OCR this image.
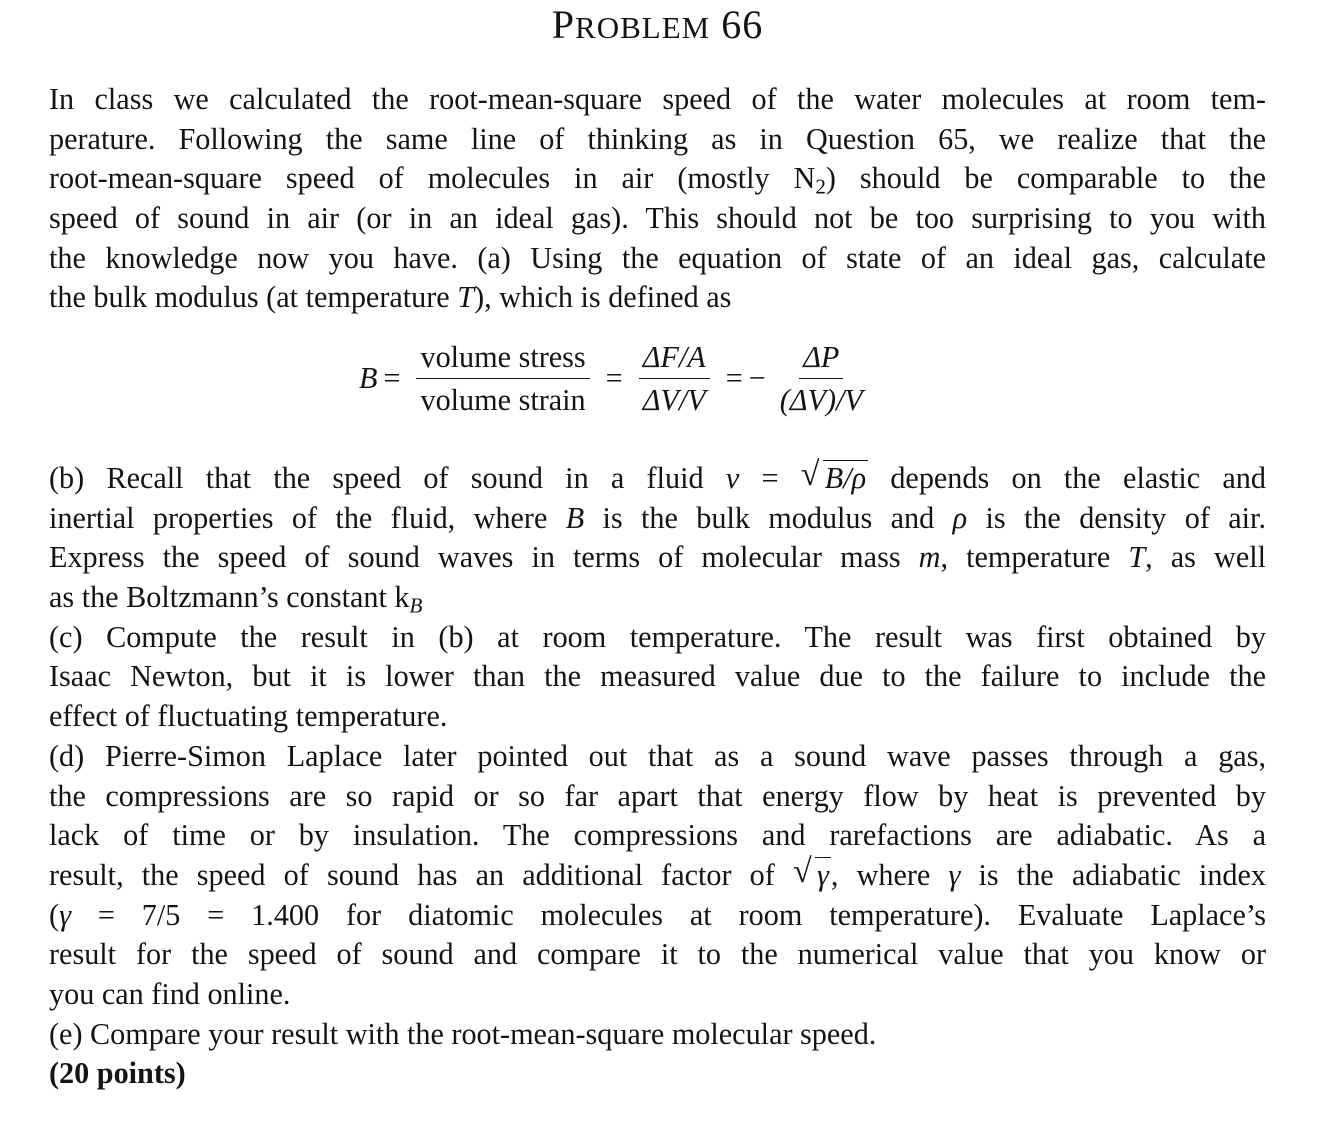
PROBLEM 66
In class we calculated the root-mean-square speed of the water molecules at room tem-
perature. Following the same line of thinking as in Question 65, we realize that the
root-mean-square speed of molecules in air (mostly $N_2$) should be comparable to the
speed of sound in air (or in an ideal gas). This should not be too surprising to you with
the knowledge now you have. (a) Using the equation of state of an ideal gas, calculate
the bulk modulus (at temperature T), which is defined as
$B = \frac{\text{volume stress}}{\text{volume strain}} = \frac{\Delta F/A}{\Delta V/V}$ = − $\frac{\Delta P}{(\Delta V)/V}$
(b) Recall that the speed of sound in a fluid v = √ B/ρ depends on the elastic and
inertial properties of the fluid, where B is the bulk modulus and ρ is the density of air.
Express the speed of sound waves in terms of molecular mass m, temperature T, as well
as the Boltzmann’s constant $k_B$
(c) Compute the result in (b) at room temperature. The result was first obtained by
Isaac Newton, but it is lower than the measured value due to the failure to include the
effect of fluctuating temperature.
(d) Pierre-Simon Laplace later pointed out that as a sound wave passes through a gas,
the compressions are so rapid or so far apart that energy flow by heat is prevented by
lack of time or by insulation. The compressions and rarefactions are adiabatic. As a
result, the speed of sound has an additional factor of √ γ, where γ is the adiabatic index
(γ = 7/5 = 1.400 for diatomic molecules at room temperature). Evaluate Laplace’s
result for the speed of sound and compare it to the numerical value that you know or
you can find online.
(e) Compare your result with the root-mean-square molecular speed.
(20 points)
